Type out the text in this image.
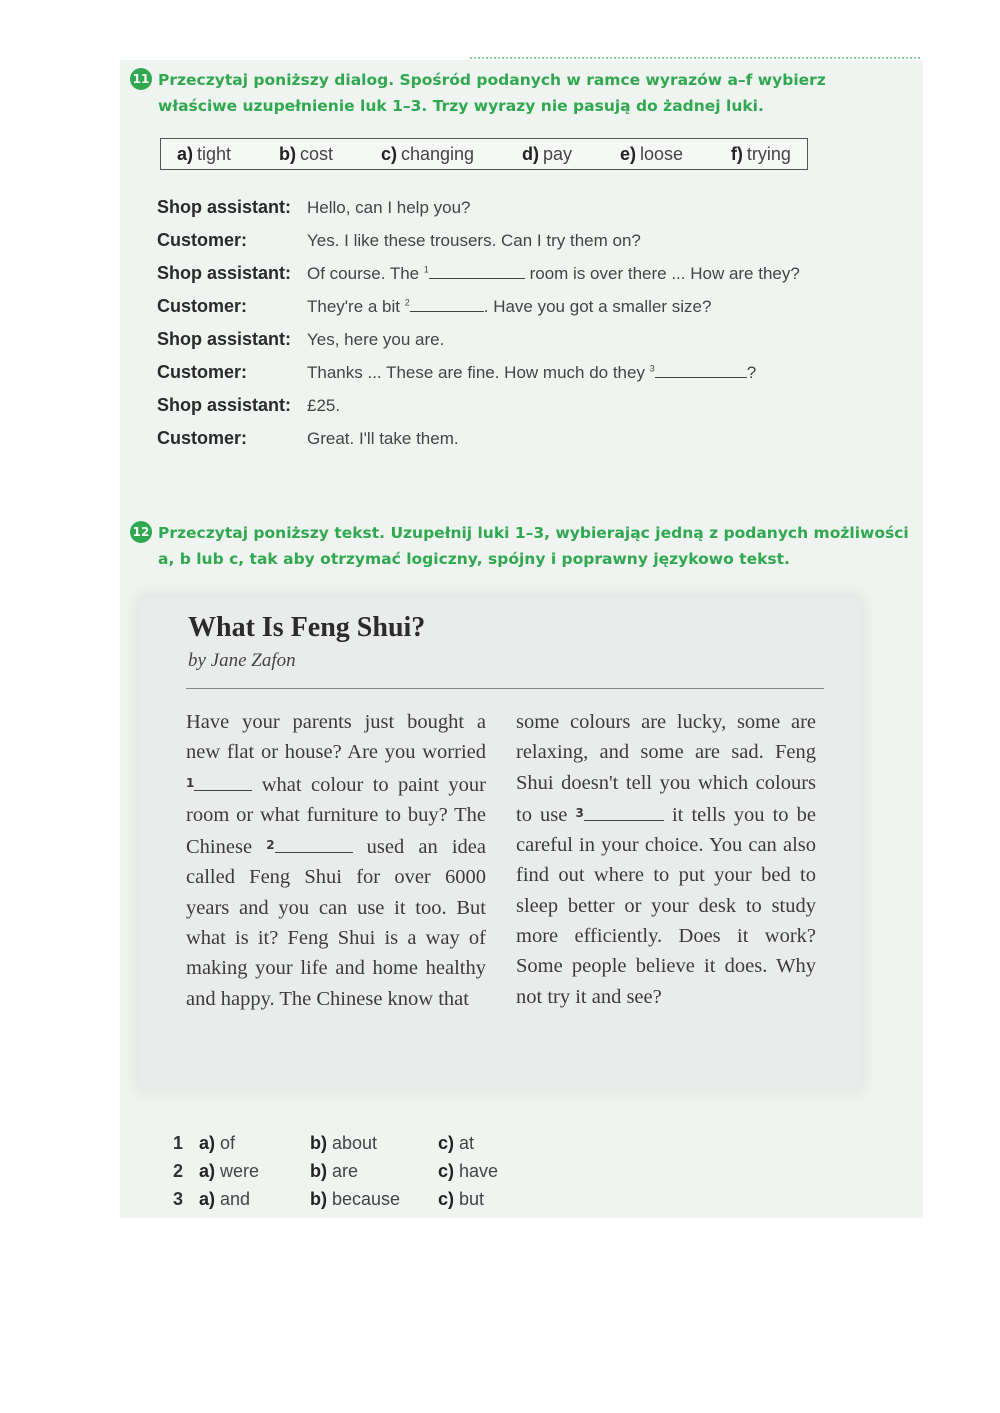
11 Przeczytaj poniższy dialog. Spośród podanych w ramce wyrazów a–f wybierz właściwe uzupełnienie luk 1–3. Trzy wyrazy nie pasują do żadnej luki.
a) tight	b) cost	c) changing	d) pay	e) loose	f) trying
Shop assistant: Hello, can I help you?
Customer:	Yes. I like these trousers. Can I try them on?
Shop assistant: Of course. The $^1$	room is over there ... How are they?
Customer:	They're a bit $^2$	. Have you got a smaller size?
Shop assistant: Yes, here you are.
Customer:	Thanks ... These are fine. How much do they $^3$	?
Shop assistant: £25.
Customer:	Great. I'll take them.
12 Przeczytaj poniższy tekst. Uzupełnij luki 1–3, wybierając jedną z podanych możliwości a, b lub c, tak aby otrzymać logiczny, spójny i poprawny językowo tekst.
What Is Feng Shui?
by Jane Zafon

Have your parents just bought a new flat or house? Are you worried 1	what colour to paint your room or what furniture to buy? The Chinese 2	used an idea called Feng Shui for over 6000 years and you can use it too. But what is it? Feng Shui is a way of making your life and home healthy and happy. The Chinese know that

some colours are lucky, some are relaxing, and some are sad. Feng Shui doesn't tell you which colours to use 3	it tells you to be careful in your choice. You can also find out where to put your bed to sleep better or your desk to study more efficiently. Does it work? Some people believe it does. Why not try it and see?

1 a) of	b) about	c) at
2 a) were	b) are	c) have
3 a) and	b) because	c) but
